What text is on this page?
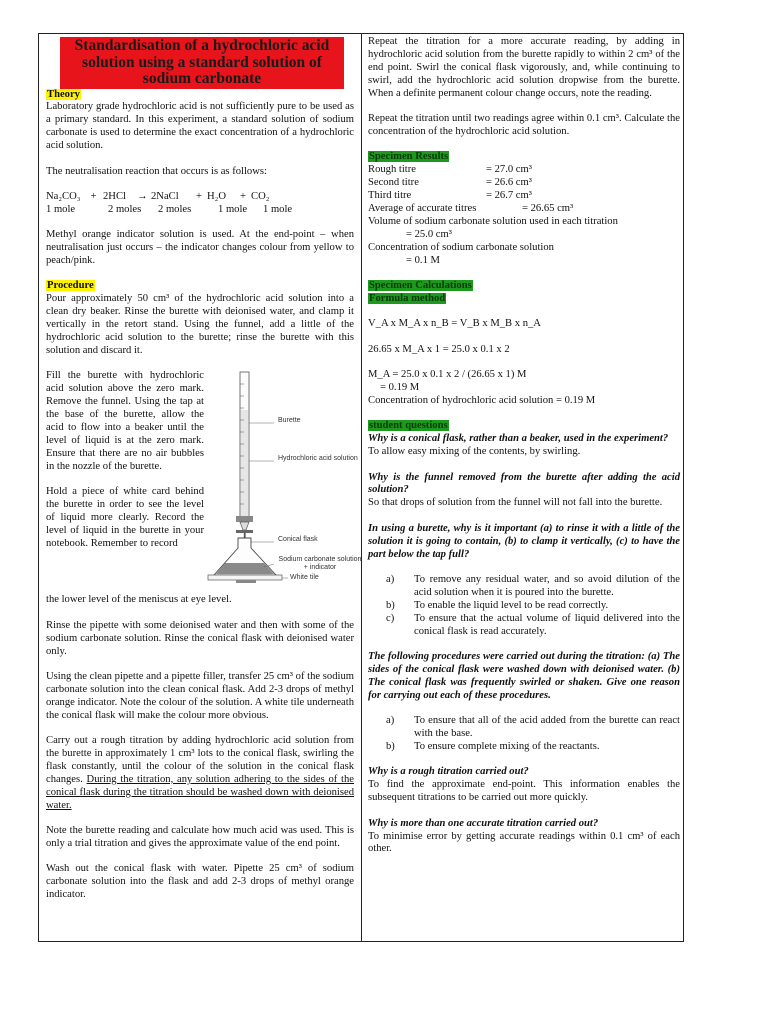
Standardisation of a hydrochloric acid solution using a standard solution of sodium carbonate
Theory

Laboratory grade hydrochloric acid is not sufficiently pure to be used as a primary standard. In this experiment, a standard solution of sodium carbonate is used to determine the exact concentration of a hydrochloric acid solution.

The neutralisation reaction that occurs is as follows:

Na₂CO₃ + 2HCl	→ 2NaCl	+ H₂O	+ CO₂
1 mole	2 moles	2 moles	1 mole	1 mole

Methyl orange indicator solution is used. At the end-point – when neutralisation just occurs – the indicator changes colour from yellow to peach/pink.

Procedure

Pour approximately 50 cm³ of the hydrochloric acid solution into a clean dry beaker. Rinse the burette with deionised water, and clamp it vertically in the retort stand. Using the funnel, add a little of the hydrochloric acid solution to the burette; rinse the burette with this solution and discard it.

Fill the burette with hydrochloric acid solution above the zero mark. Remove the funnel. Using the tap at the base of the burette, allow the acid to flow into a beaker until the level of liquid is at the zero mark. Ensure that there are no air bubbles in the nozzle of the burette.

Hold a piece of white card behind the burette in order to see the level of liquid more clearly. Record the level of liquid in the burette in your notebook. Remember to record

Burette
Hydrochloric acid solution
Conical flask
Sodium carbonate solution + indicator
White tile

the lower level of the meniscus at eye level.

Rinse the pipette with some deionised water and then with some of the sodium carbonate solution. Rinse the conical flask with deionised water only.

Using the clean pipette and a pipette filler, transfer 25 cm³ of the sodium carbonate solution into the clean conical flask. Add 2-3 drops of methyl orange indicator. Note the colour of the solution. A white tile underneath the conical flask will make the colour more obvious.

Carry out a rough titration by adding hydrochloric acid solution from the burette in approximately 1 cm³ lots to the conical flask, swirling the flask constantly, until the colour of the solution in the conical flask changes. During the titration, any solution adhering to the sides of the conical flask during the titration should be washed down with deionised water.

Note the burette reading and calculate how much acid was used. This is only a trial titration and gives the approximate value of the end point.

Wash out the conical flask with water. Pipette 25 cm³ of sodium carbonate solution into the flask and add 2-3 drops of methyl orange indicator.

Repeat the titration for a more accurate reading, by adding in hydrochloric acid solution from the burette rapidly to within 2 cm³ of the end point. Swirl the conical flask vigorously, and, while continuing to swirl, add the hydrochloric acid solution dropwise from the burette. When a definite permanent colour change occurs, note the reading.

Repeat the titration until two readings agree within 0.1 cm³. Calculate the concentration of the hydrochloric acid solution.

Specimen Results
Rough titre	= 27.0 cm³
Second titre	= 26.6 cm³
Third titre	= 26.7 cm³
Average of accurate titres	= 26.65 cm³
Volume of sodium carbonate solution used in each titration
= 25.0 cm³
Concentration of sodium carbonate solution
= 0.1 M
Specimen Calculations
Formula method
V_A x M_A x n_B = V_B x M_B x n_A
26.65 x M_A x 1 = 25.0 x 0.1 x 2
M_A = 25.0 x 0.1 x 2 / (26.65 x 1) M
= 0.19 M
Concentration of hydrochloric acid solution = 0.19 M
student questions

Why is a conical flask, rather than a beaker, used in the experiment?

To allow easy mixing of the contents, by swirling.

Why is the funnel removed from the burette after adding the acid solution?

So that drops of solution from the funnel will not fall into the burette.

In using a burette, why is it important (a) to rinse it with a little of the solution it is going to contain, (b) to clamp it vertically, (c) to have the part below the tap full?

a)	To remove any residual water, and so avoid dilution of the acid solution when it is poured into the burette.
b)	To enable the liquid level to be read correctly.
c)	To ensure that the actual volume of liquid delivered into the conical flask is read accurately.

The following procedures were carried out during the titration: (a) The sides of the conical flask were washed down with deionised water. (b) The conical flask was frequently swirled or shaken. Give one reason for carrying out each of these procedures.

a)	To ensure that all of the acid added from the burette can react with the base.
b)	To ensure complete mixing of the reactants.

Why is a rough titration carried out?

To find the approximate end-point. This information enables the subsequent titrations to be carried out more quickly.

Why is more than one accurate titration carried out?

To minimise error by getting accurate readings within 0.1 cm³ of each other.
